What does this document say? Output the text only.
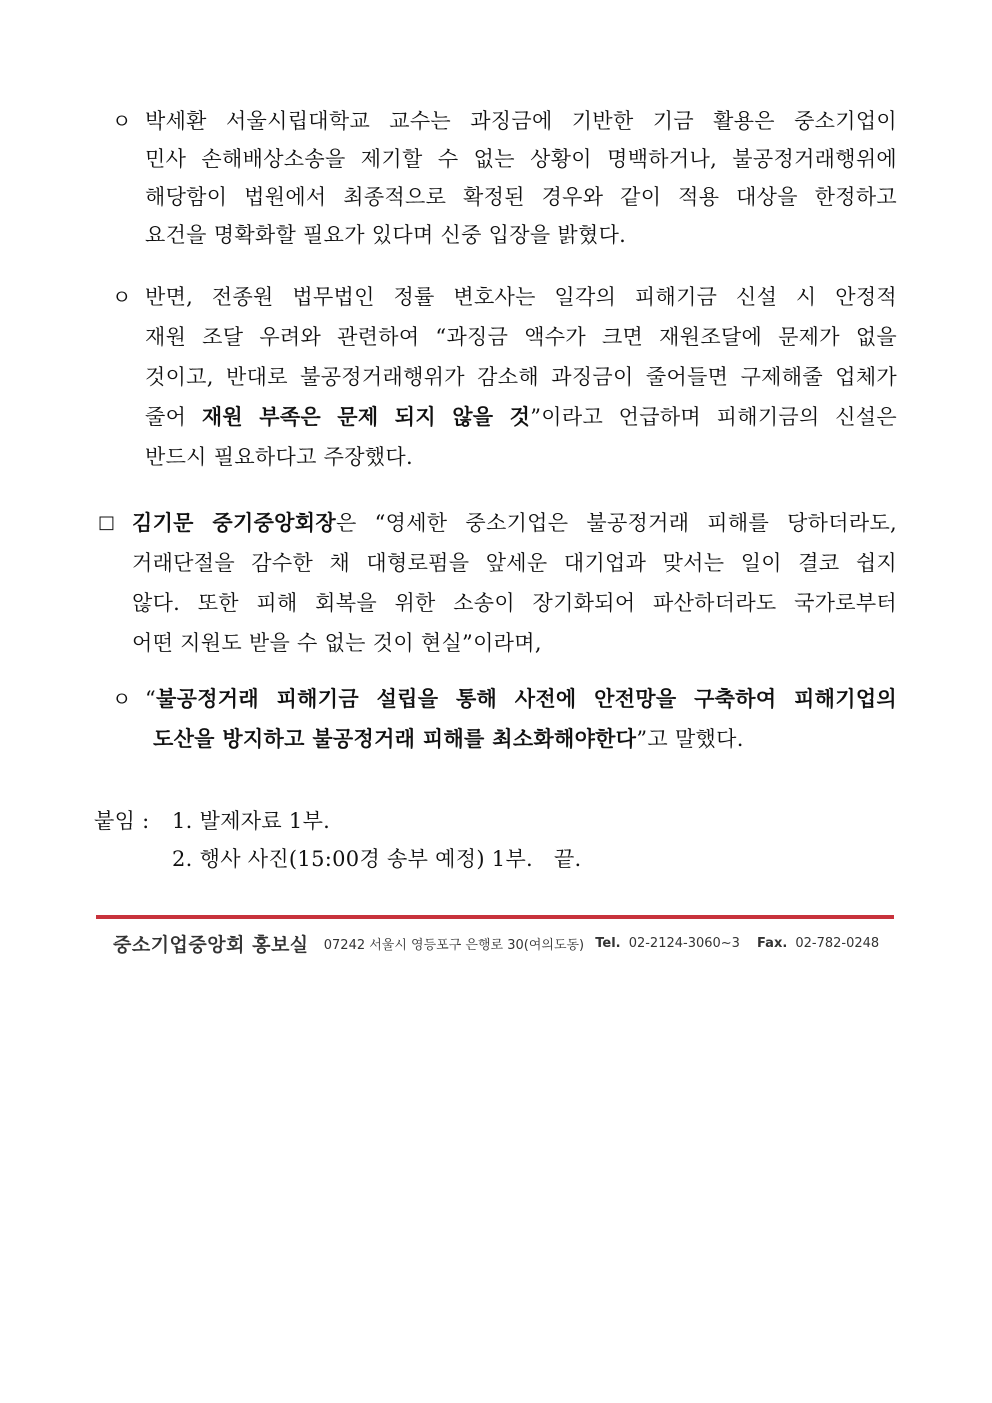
ㅇ 박세환 서울시립대학교 교수는 과징금에 기반한 기금 활용은 중소기업이
민사 손해배상소송을 제기할 수 없는 상황이 명백하거나, 불공정거래행위에
해당함이 법원에서 최종적으로 확정된 경우와 같이 적용 대상을 한정하고
요건을 명확화할 필요가 있다며 신중 입장을 밝혔다.
ㅇ 반면, 전종원 법무법인 정률 변호사는 일각의 피해기금 신설 시 안정적
재원 조달 우려와 관련하여 “과징금 액수가 크면 재원조달에 문제가 없을
것이고, 반대로 불공정거래행위가 감소해 과징금이 줄어들면 구제해줄 업체가
줄어 재원 부족은 문제 되지 않을 것”이라고 언급하며 피해기금의 신설은
반드시 필요하다고 주장했다.
□ 김기문 중기중앙회장은 “영세한 중소기업은 불공정거래 피해를 당하더라도,
거래단절을 감수한 채 대형로펌을 앞세운 대기업과 맞서는 일이 결코 쉽지
않다. 또한 피해 회복을 위한 소송이 장기화되어 파산하더라도 국가로부터
어떤 지원도 받을 수 없는 것이 현실”이라며,
ㅇ “불공정거래 피해기금 설립을 통해 사전에 안전망을 구축하여 피해기업의
도산을 방지하고 불공정거래 피해를 최소화해야한다”고 말했다.
붙임 :	1. 발제자료 1부.
2. 행사 사진(15:00경 송부 예정) 1부.   끝.
중소기업중앙회 홍보실 07242 서울시 영등포구 은행로 30(여의도동) Tel. 02-2124-3060~3 Fax. 02-782-0248
